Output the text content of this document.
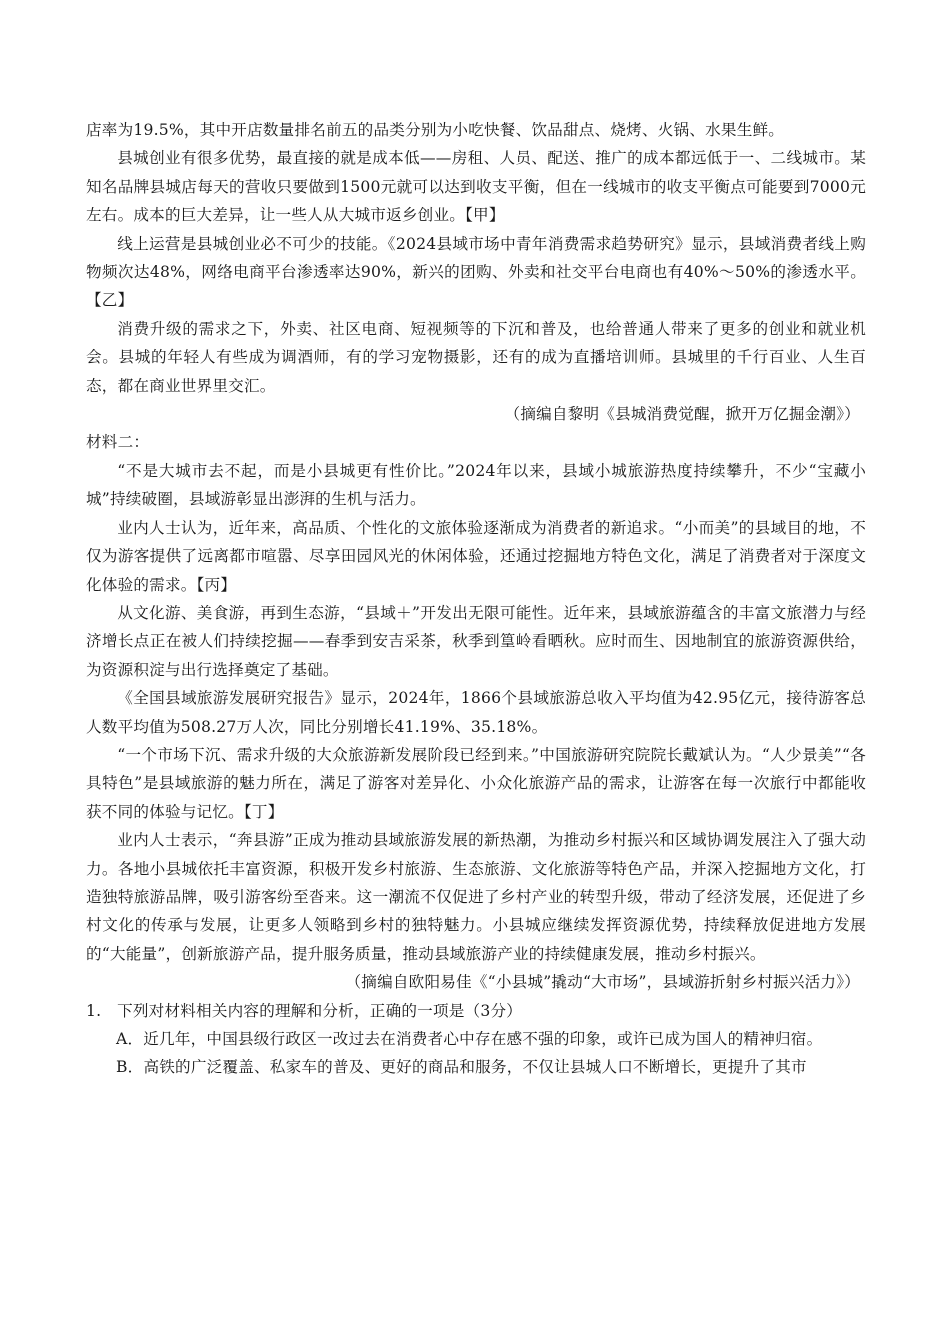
店率为19.5%，其中开店数量排名前五的品类分别为小吃快餐、饮品甜点、烧烤、火锅、水果生鲜。

县城创业有很多优势，最直接的就是成本低——房租、人员、配送、推广的成本都远低于一、二线城市。某知名品牌县城店每天的营收只要做到1500元就可以达到收支平衡，但在一线城市的收支平衡点可能要到7000元左右。成本的巨大差异，让一些人从大城市返乡创业。【甲】

线上运营是县城创业必不可少的技能。《2024县域市场中青年消费需求趋势研究》显示，县域消费者线上购物频次达48%，网络电商平台渗透率达90%，新兴的团购、外卖和社交平台电商也有40%～50%的渗透水平。【乙】

消费升级的需求之下，外卖、社区电商、短视频等的下沉和普及，也给普通人带来了更多的创业和就业机会。县城的年轻人有些成为调酒师，有的学习宠物摄影，还有的成为直播培训师。县城里的千行百业、人生百态，都在商业世界里交汇。

（摘编自黎明《县城消费觉醒，掀开万亿掘金潮》）

材料二：

“不是大城市去不起，而是小县城更有性价比。”2024年以来，县域小城旅游热度持续攀升，不少“宝藏小城”持续破圈，县域游彰显出澎湃的生机与活力。

业内人士认为，近年来，高品质、个性化的文旅体验逐渐成为消费者的新追求。“小而美”的县域目的地，不仅为游客提供了远离都市喧嚣、尽享田园风光的休闲体验，还通过挖掘地方特色文化，满足了消费者对于深度文化体验的需求。【丙】

从文化游、美食游，再到生态游，“县域＋”开发出无限可能性。近年来，县域旅游蕴含的丰富文旅潜力与经济增长点正在被人们持续挖掘——春季到安吉采茶，秋季到篁岭看晒秋。应时而生、因地制宜的旅游资源供给，为资源积淀与出行选择奠定了基础。

《全国县域旅游发展研究报告》显示，2024年，1866个县域旅游总收入平均值为42.95亿元，接待游客总人数平均值为508.27万人次，同比分别增长41.19%、35.18%。

“一个市场下沉、需求升级的大众旅游新发展阶段已经到来。”中国旅游研究院院长戴斌认为。“人少景美”“各具特色”是县域旅游的魅力所在，满足了游客对差异化、小众化旅游产品的需求，让游客在每一次旅行中都能收获不同的体验与记忆。【丁】

业内人士表示，“奔县游”正成为推动县域旅游发展的新热潮，为推动乡村振兴和区域协调发展注入了强大动力。各地小县城依托丰富资源，积极开发乡村旅游、生态旅游、文化旅游等特色产品，并深入挖掘地方文化，打造独特旅游品牌，吸引游客纷至沓来。这一潮流不仅促进了乡村产业的转型升级，带动了经济发展，还促进了乡村文化的传承与发展，让更多人领略到乡村的独特魅力。小县城应继续发挥资源优势，持续释放促进地方发展的“大能量”，创新旅游产品，提升服务质量，推动县域旅游产业的持续健康发展，推动乡村振兴。

（摘编自欧阳易佳《“小县城”撬动“大市场”，县域游折射乡村振兴活力》）

1.　下列对材料相关内容的理解和分析，正确的一项是（3分）

A．近几年，中国县级行政区一改过去在消费者心中存在感不强的印象，或许已成为国人的精神归宿。

B．高铁的广泛覆盖、私家车的普及、更好的商品和服务，不仅让县城人口不断增长，更提升了其市
